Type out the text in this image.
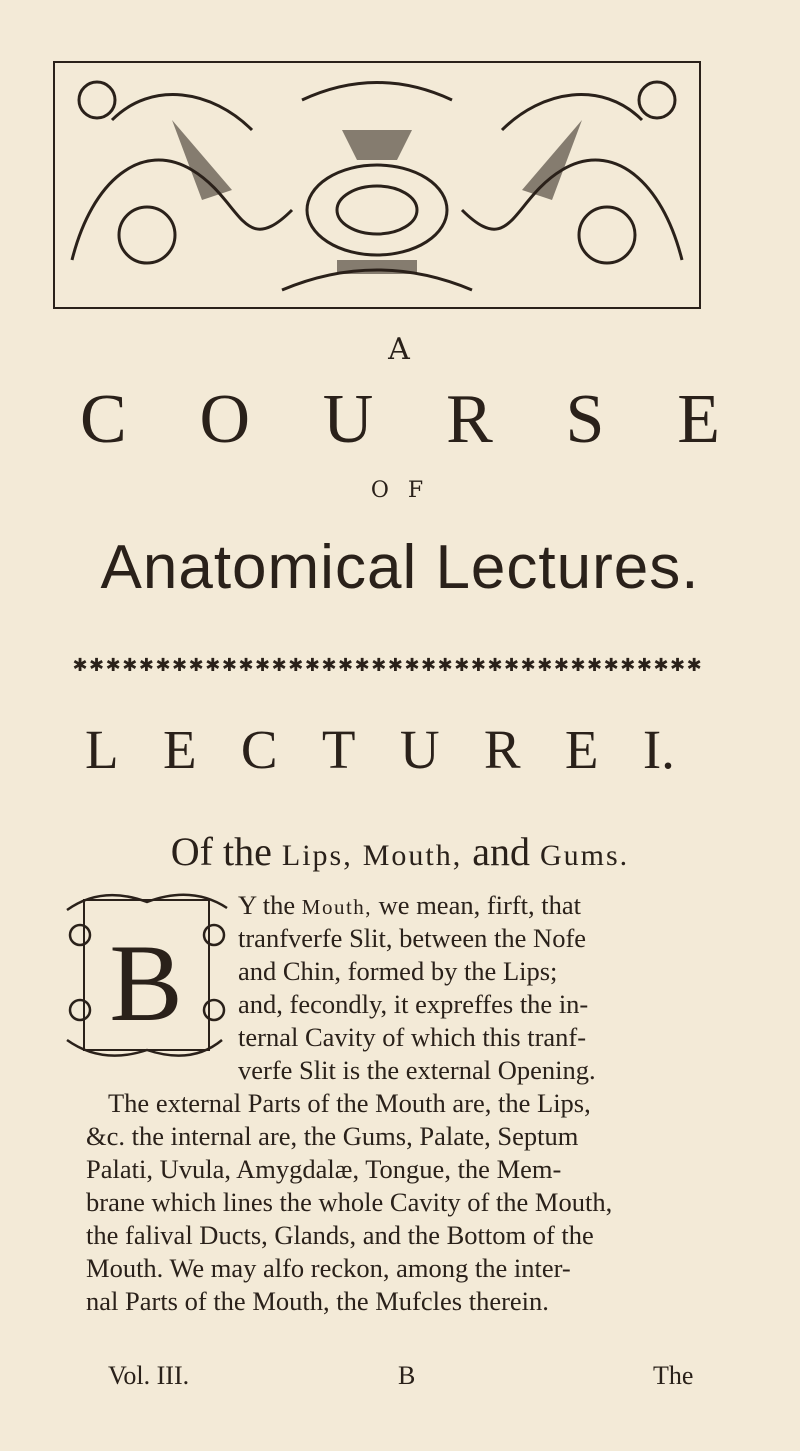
A
C O U R S E
O F
Anatomical Lectures.
✱ ✱ ✱ ✱ ✱ ✱ ✱ ✱ ✱ ✱ ✱ ✱ ✱ ✱ ✱ ✱ ✱ ✱ ✱ ✱ ✱ ✱ ✱ ✱ ✱ ✱ ✱ ✱ ✱ ✱ ✱ ✱ ✱ ✱ ✱ ✱ ✱ ✱
L E C T U R E I.
Of the Lips, Mouth, and Gums.
B
Y the Mouth, we mean, firft, that
tranfverfe Slit, between the Nofe
and Chin, formed by the Lips;
and, fecondly, it expreffes the in-
ternal Cavity of which this tranf-
verfe Slit is the external Opening.
The external Parts of the Mouth are, the Lips,
&c. the internal are, the Gums, Palate, Septum
Palati, Uvula, Amygdalæ, Tongue, the Mem-
brane which lines the whole Cavity of the Mouth,
the falival Ducts, Glands, and the Bottom of the
Mouth. We may alfo reckon, among the inter-
nal Parts of the Mouth, the Mufcles therein.
Vol. III.	B	The
